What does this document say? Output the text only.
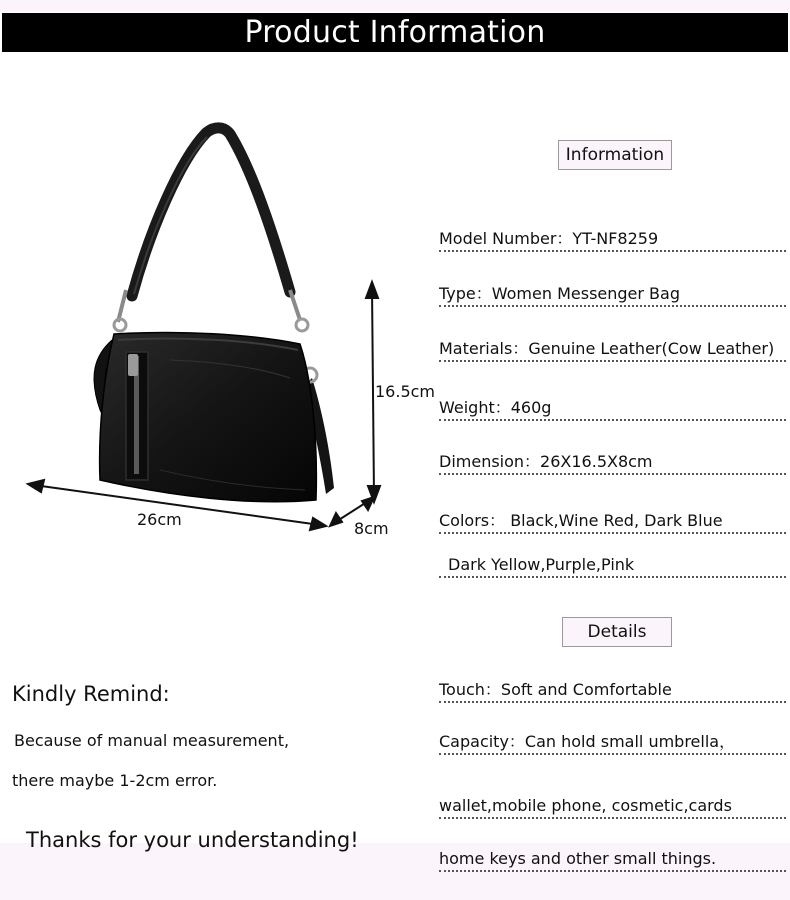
Product Information
26cm
16.5cm
8cm
Information
Model Number：YT-NF8259
Type：Women Messenger Bag
Materials：Genuine Leather(Cow Leather)
Weight：460g
Dimension：26X16.5X8cm
Colors： Black,Wine Red, Dark Blue
Dark Yellow,Purple,Pink
Details
Touch：Soft and Comfortable
Capacity：Can hold small umbrella，
wallet,mobile phone, cosmetic,cards
home keys and other small things.
Kindly Remind:
Because of manual measurement,
there maybe 1-2cm error.
Thanks for your understanding!
